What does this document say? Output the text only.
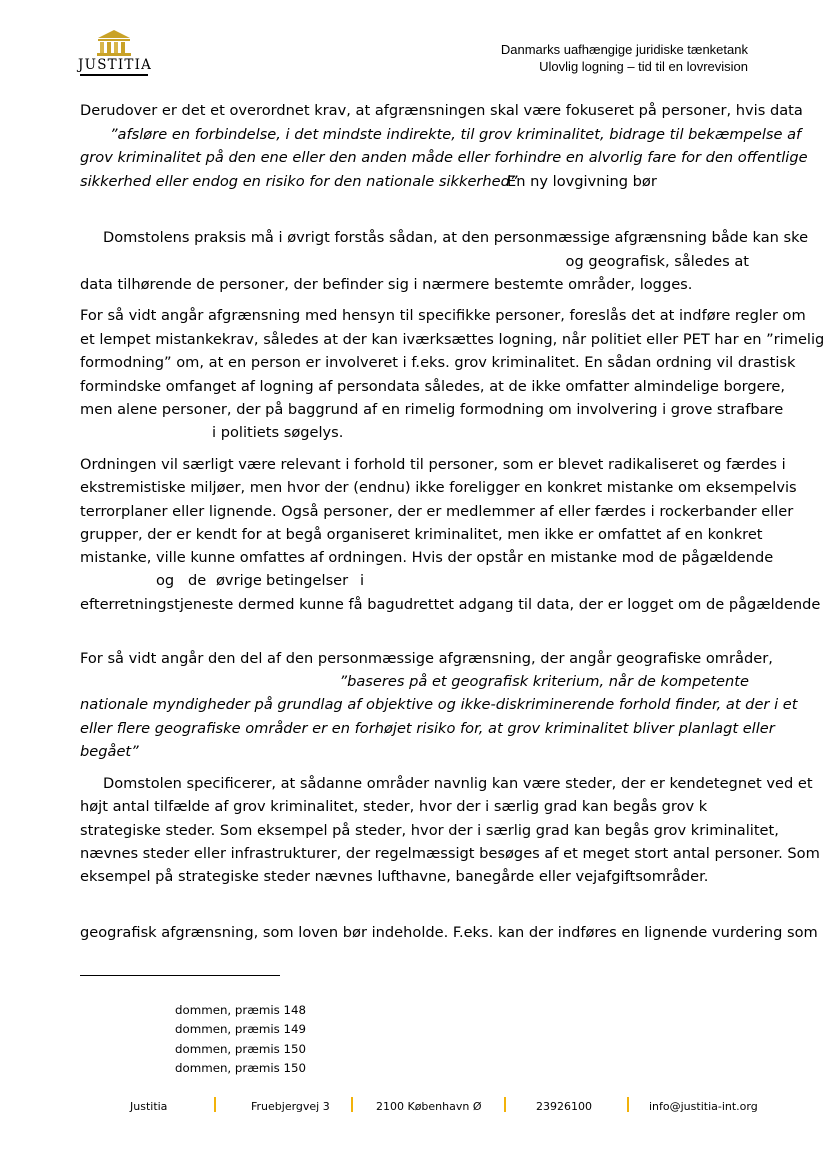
JUSTITIA
Danmarks uafhængige juridiske tænketank
Ulovlig logning – tid til en lovrevision
Derudover er det et overordnet krav, at afgrænsningen skal være fokuseret på personer, hvis data
”afsløre en forbindelse, i det mindste indirekte, til grov kriminalitet, bidrage til bekæmpelse af
grov kriminalitet på den ene eller den anden måde eller forhindre en alvorlig fare for den offentlige
sikkerhed eller endog en risiko for den nationale sikkerhed”
En ny lovgivning bør
Domstolens praksis må i øvrigt forstås sådan, at den personmæssige afgrænsning både kan ske
og geografisk, således at
data tilhørende de personer, der befinder sig i nærmere bestemte områder, logges.
For så vidt angår afgrænsning med hensyn til specifikke personer, foreslås det at indføre regler om
et lempet mistankekrav, således at der kan iværksættes logning, når politiet eller PET har en ”rimelig
formodning” om, at en person er involveret i f.eks. grov kriminalitet. En sådan ordning vil drastisk
formindske omfanget af logning af persondata således, at de ikke omfatter almindelige borgere,
men alene personer, der på baggrund af en rimelig formodning om involvering i grove strafbare
i politiets søgelys.
Ordningen vil særligt være relevant i forhold til personer, som er blevet radikaliseret og færdes i
ekstremistiske miljøer, men hvor der (endnu) ikke foreligger en konkret mistanke om eksempelvis
terrorplaner eller lignende. Også personer, der er medlemmer af eller færdes i rockerbander eller
grupper, der er kendt for at begå organiseret kriminalitet, men ikke er omfattet af en konkret
mistanke, ville kunne omfattes af ordningen. Hvis der opstår en mistanke mod de pågældende
og de øvrige betingelser i
efterretningstjeneste dermed kunne få bagudrettet adgang til data, der er logget om de pågældende
For så vidt angår den del af den personmæssige afgrænsning, der angår geografiske områder,
”baseres på et geografisk kriterium, når de kompetente
nationale myndigheder på grundlag af objektive og ikke-diskriminerende forhold finder, at der i et
eller flere geografiske områder er en forhøjet risiko for, at grov kriminalitet bliver planlagt eller
begået”
Domstolen specificerer, at sådanne områder navnlig kan være steder, der er kendetegnet ved et
højt antal tilfælde af grov kriminalitet, steder, hvor der i særlig grad kan begås grov k
strategiske steder. Som eksempel på steder, hvor der i særlig grad kan begås grov kriminalitet,
nævnes steder eller infrastrukturer, der regelmæssigt besøges af et meget stort antal personer. Som
eksempel på strategiske steder nævnes lufthavne, banegårde eller vejafgiftsområder.
geografisk afgrænsning, som loven bør indeholde. F.eks. kan der indføres en lignende vurdering som
dommen, præmis 148
dommen, præmis 149
dommen, præmis 150
dommen, præmis 150
Justitia	Fruebjergvej 3	2100 København Ø	23926100	info@justitia-int.org
